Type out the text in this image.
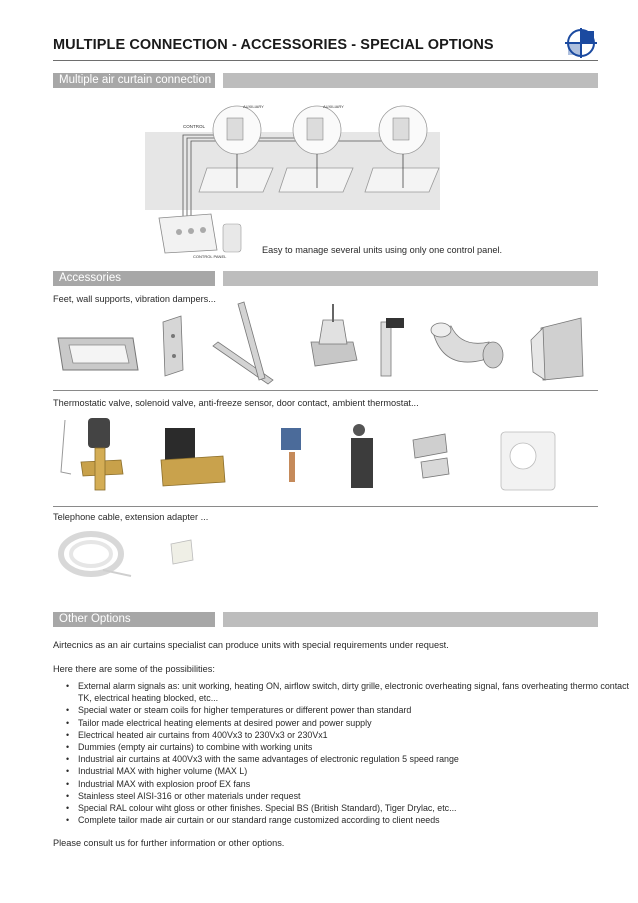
MULTIPLE CONNECTION - ACCESSORIES - SPECIAL OPTIONS
Multiple air curtain connection
CONTROL
AUXILIARY	AUXILIARY
CONTROL PANEL
Easy to manage several units using only one control panel.
Accessories
Feet, wall supports, vibration dampers...
Thermostatic valve, solenoid valve, anti-freeze sensor, door contact, ambient thermostat...
Telephone cable, extension adapter ...
Other Options
Airtecnics as an air curtains specialist can produce units with special requirements under request.
Here there are some of the possibilities:
• External alarm signals as: unit working, heating ON, airflow switch, dirty grille, electronic overheating signal, fans overheating thermo contact
TK, electrical heating blocked, etc...
• Special water or steam coils for higher temperatures or different power than standard
• Tailor made electrical heating elements at desired power and power supply
• Electrical heated air curtains from 400Vx3 to 230Vx3 or 230Vx1
• Dummies (empty air curtains) to combine with working units
• Industrial air curtains at 400Vx3 with the same advantages of electronic regulation 5 speed range
• Industrial MAX with higher volume (MAX L)
• Industrial MAX with explosion proof EX fans
• Stainless steel AISI-316 or other materials under request
• Special RAL colour wiht gloss or other finishes. Special BS (British Standard), Tiger Drylac, etc...
• Complete tailor made air curtain or our standard range customized according to client needs
Please consult us for further information or other options.
